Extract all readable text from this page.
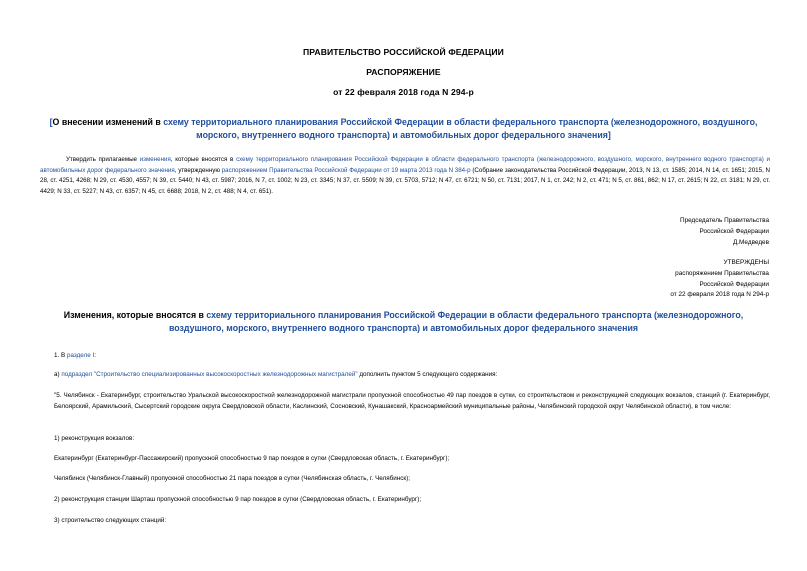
ПРАВИТЕЛЬСТВО РОССИЙСКОЙ ФЕДЕРАЦИИ
РАСПОРЯЖЕНИЕ
от 22 февраля 2018 года N 294-р
[О внесении изменений в схему территориального планирования Российской Федерации в области федерального транспорта (железнодорожного, воздушного, морского, внутреннего водного транспорта) и автомобильных дорог федерального значения]
Утвердить прилагаемые изменения, которые вносятся в схему территориального планирования Российской Федерации в области федерального транспорта (железнодорожного, воздушного, морского, внутреннего водного транспорта) и автомобильных дорог федерального значения, утвержденную распоряжением Правительства Российской Федерации от 19 марта 2013 года N 384-р (Собрание законодательства Российской Федерации, 2013, N 13, ст. 1585; 2014, N 14, ст. 1651; 2015, N 28, ст. 4251, 4268; N 29, ст. 4530, 4557; N 39, ст. 5440; N 43, ст. 5987; 2016, N 7, ст. 1002; N 23, ст. 3345; N 37, ст. 5509; N 39, ст. 5703, 5712; N 47, ст. 6721; N 50, ст. 7131; 2017, N 1, ст. 242; N 2, ст. 471; N 5, ст. 861, 862; N 17, ст. 2615; N 22, ст. 3181; N 29, ст. 4429; N 33, ст. 5227; N 43, ст. 6357; N 45, ст. 6688; 2018, N 2, ст. 488; N 4, ст. 651).
Председатель Правительства
Российской Федерации
Д.Медведев
УТВЕРЖДЕНЫ
распоряжением Правительства
Российской Федерации
от 22 февраля 2018 года N 294-р
Изменения, которые вносятся в схему территориального планирования Российской Федерации в области федерального транспорта (железнодорожного, воздушного, морского, внутреннего водного транспорта) и автомобильных дорог федерального значения
1. В разделе I:
а) подраздел "Строительство специализированных высокоскоростных железнодорожных магистралей" дополнить пунктом 5 следующего содержания:
"5. Челябинск - Екатеринбург, строительство Уральской высокоскоростной железнодорожной магистрали пропускной способностью 49 пар поездов в сутки, со строительством и реконструкцией следующих вокзалов, станций (г. Екатеринбург, Белоярский, Арамильский, Сысертский городские округа Свердловской области, Каслинский, Сосновский, Кунашакский, Красноармейский муниципальные районы, Челябинский городской округ Челябинской области), в том числе:
1) реконструкция вокзалов:
Екатеринбург (Екатеринбург-Пассажирский) пропускной способностью 9 пар поездов в сутки (Свердловская область, г. Екатеринбург);
Челябинск (Челябинск-Главный) пропускной способностью 21 пара поездов в сутки (Челябинская область, г. Челябинск);
2) реконструкция станции Шарташ пропускной способностью 9 пар поездов в сутки (Свердловская область, г. Екатеринбург);
3) строительство следующих станций:
